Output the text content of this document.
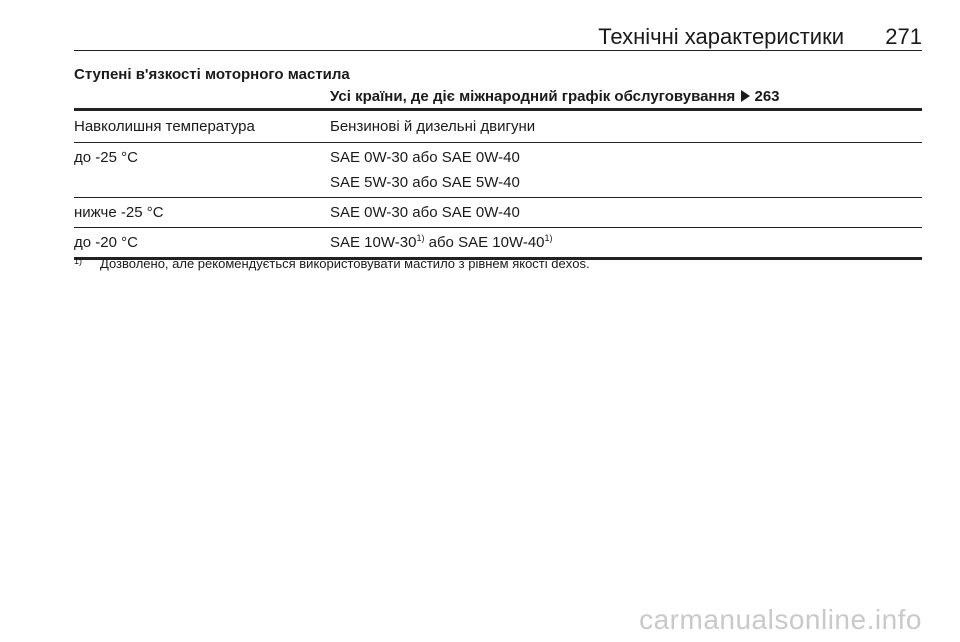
Технічні характеристики 271
Ступені в'язкості моторного мастила
Усі країни, де діє міжнародний графік обслуговування 263
Навколишня температура	Бензинові й дизельні двигуни
до -25 °C	SAE 0W-30 або SAE 0W-40
SAE 5W-30 або SAE 5W-40
нижче -25 °C	SAE 0W-30 або SAE 0W-40
до -20 °C	SAE 10W-30$^{1)}$ або SAE 10W-40$^{1)}$
1)	Дозволено, але рекомендується використовувати мастило з рівнем якості dexos.
carmanualsonline.info
